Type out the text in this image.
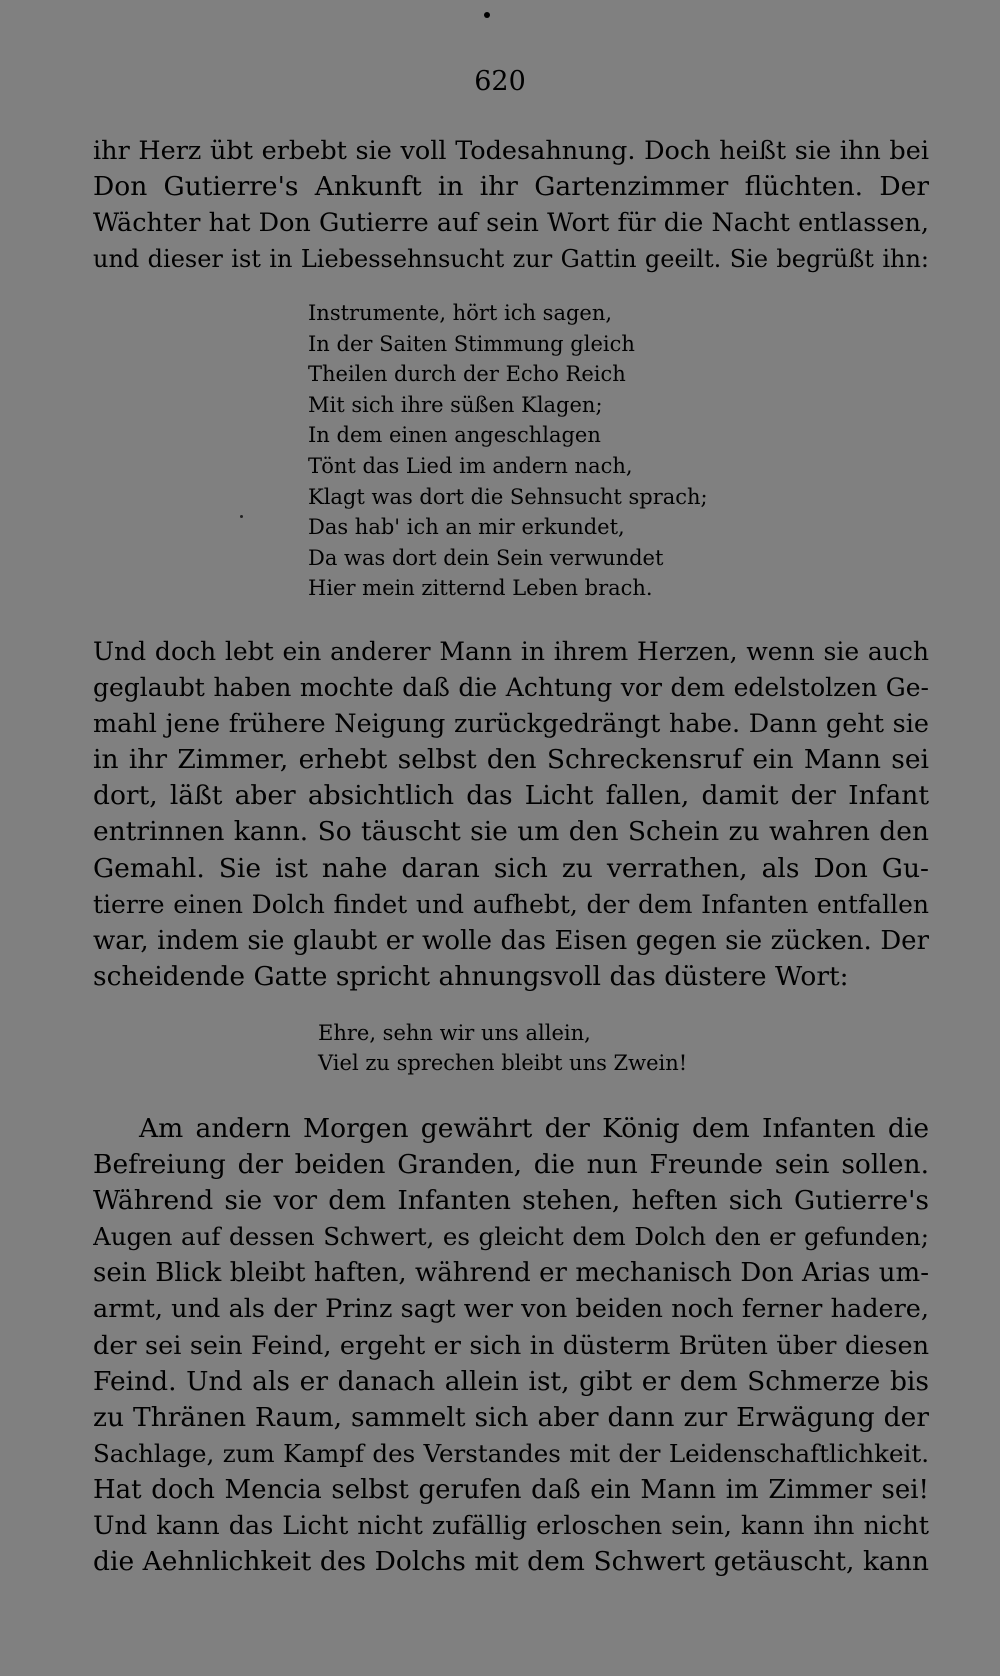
620
ihr Herz übt erbebt sie voll Todesahnung. Doch heißt sie ihn bei
Don Gutierre's Ankunft in ihr Gartenzimmer flüchten. Der
Wächter hat Don Gutierre auf sein Wort für die Nacht entlassen,
und dieser ist in Liebessehnsucht zur Gattin geeilt. Sie begrüßt ihn:
Instrumente, hört ich sagen,
In der Saiten Stimmung gleich
Theilen durch der Echo Reich
Mit sich ihre süßen Klagen;
In dem einen angeschlagen
Tönt das Lied im andern nach,
Klagt was dort die Sehnsucht sprach;
Das hab' ich an mir erkundet,
Da was dort dein Sein verwundet
Hier mein zitternd Leben brach.
Und doch lebt ein anderer Mann in ihrem Herzen, wenn sie auch
geglaubt haben mochte daß die Achtung vor dem edelstolzen Ge-
mahl jene frühere Neigung zurückgedrängt habe. Dann geht sie
in ihr Zimmer, erhebt selbst den Schreckensruf ein Mann sei
dort, läßt aber absichtlich das Licht fallen, damit der Infant
entrinnen kann. So täuscht sie um den Schein zu wahren den
Gemahl. Sie ist nahe daran sich zu verrathen, als Don Gu-
tierre einen Dolch findet und aufhebt, der dem Infanten entfallen
war, indem sie glaubt er wolle das Eisen gegen sie zücken. Der
scheidende Gatte spricht ahnungsvoll das düstere Wort:
Ehre, sehn wir uns allein,
Viel zu sprechen bleibt uns Zwein!
Am andern Morgen gewährt der König dem Infanten die
Befreiung der beiden Granden, die nun Freunde sein sollen.
Während sie vor dem Infanten stehen, heften sich Gutierre's
Augen auf dessen Schwert, es gleicht dem Dolch den er gefunden;
sein Blick bleibt haften, während er mechanisch Don Arias um-
armt, und als der Prinz sagt wer von beiden noch ferner hadere,
der sei sein Feind, ergeht er sich in düsterm Brüten über diesen
Feind. Und als er danach allein ist, gibt er dem Schmerze bis
zu Thränen Raum, sammelt sich aber dann zur Erwägung der
Sachlage, zum Kampf des Verstandes mit der Leidenschaftlichkeit.
Hat doch Mencia selbst gerufen daß ein Mann im Zimmer sei!
Und kann das Licht nicht zufällig erloschen sein, kann ihn nicht
die Aehnlichkeit des Dolchs mit dem Schwert getäuscht, kann
